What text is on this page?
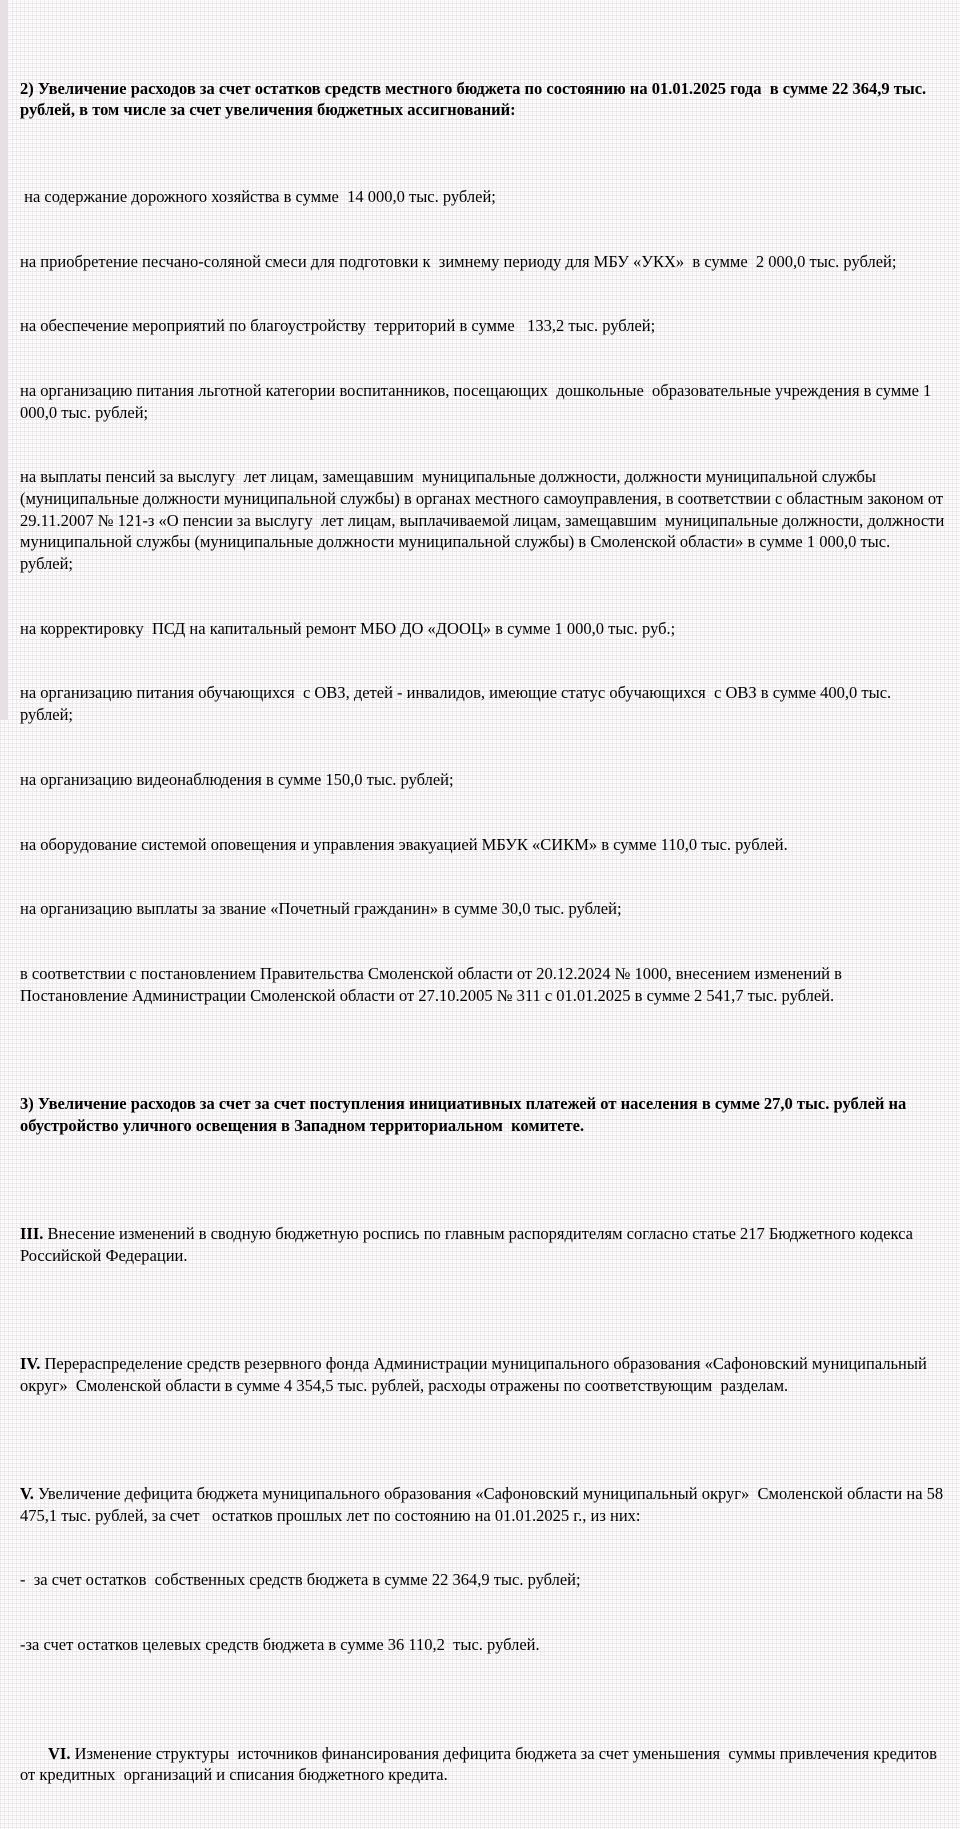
2) Увеличение расходов за счет остатков средств местного бюджета по состоянию на 01.01.2025 года  в сумме 22 364,9 тыс. рублей, в том числе за счет увеличения бюджетных ассигнований:

на содержание дорожного хозяйства в сумме  14 000,0 тыс. рублей;

на приобретение песчано-соляной смеси для подготовки к  зимнему периоду для МБУ «УКХ»  в сумме  2 000,0 тыс. рублей;

на обеспечение мероприятий по благоустройству  территорий в сумме   133,2 тыс. рублей;

на организацию питания льготной категории воспитанников, посещающих  дошкольные  образовательные учреждения в сумме 1 000,0 тыс. рублей;

на выплаты пенсий за выслугу  лет лицам, замещавшим  муниципальные должности, должности муниципальной службы (муниципальные должности муниципальной службы) в органах местного самоуправления, в соответствии с областным законом от 29.11.2007 № 121-з «О пенсии за выслугу  лет лицам, выплачиваемой лицам, замещавшим  муниципальные должности, должности муниципальной службы (муниципальные должности муниципальной службы) в Смоленской области» в сумме 1 000,0 тыс. рублей;

на корректировку  ПСД на капитальный ремонт МБО ДО «ДООЦ» в сумме 1 000,0 тыс. руб.;

на организацию питания обучающихся  с ОВЗ, детей - инвалидов, имеющие статус обучающихся  с ОВЗ в сумме 400,0 тыс. рублей;

на организацию видеонаблюдения в сумме 150,0 тыс. рублей;

на оборудование системой оповещения и управления эвакуацией МБУК «СИКМ» в сумме 110,0 тыс. рублей.

на организацию выплаты за звание «Почетный гражданин» в сумме 30,0 тыс. рублей;

в соответствии с постановлением Правительства Смоленской области от 20.12.2024 № 1000, внесением изменений в Постановление Администрации Смоленской области от 27.10.2005 № 311 с 01.01.2025 в сумме 2 541,7 тыс. рублей.

3) Увеличение расходов за счет за счет поступления инициативных платежей от населения в сумме 27,0 тыс. рублей на обустройство уличного освещения в Западном территориальном  комитете.

III. Внесение изменений в сводную бюджетную роспись по главным распорядителям согласно статье 217 Бюджетного кодекса Российской Федерации.

IV. Перераспределение средств резервного фонда Администрации муниципального образования «Сафоновский муниципальный округ»  Смоленской области в сумме 4 354,5 тыс. рублей, расходы отражены по соответствующим  разделам.

V. Увеличение дефицита бюджета муниципального образования «Сафоновский муниципальный округ»  Смоленской области на 58 475,1 тыс. рублей, за счет   остатков прошлых лет по состоянию на 01.01.2025 г., из них:

-  за счет остатков  собственных средств бюджета в сумме 22 364,9 тыс. рублей;

-за счет остатков целевых средств бюджета в сумме 36 110,2  тыс. рублей.

VI. Изменение структуры  источников финансирования дефицита бюджета за счет уменьшения  суммы привлечения кредитов от кредитных  организаций и списания бюджетного кредита.
